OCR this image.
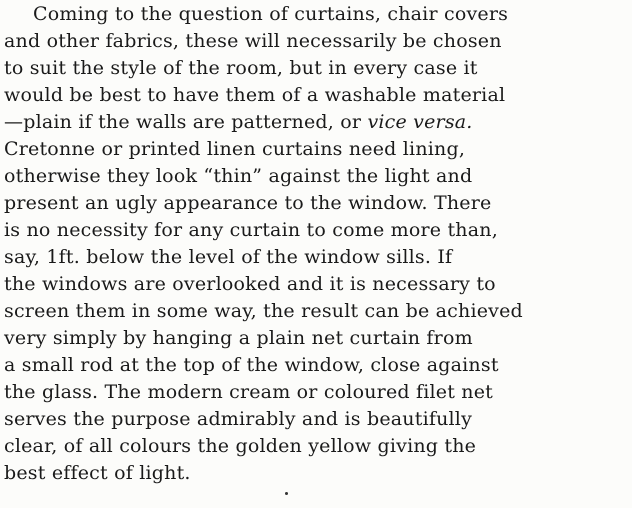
Coming to the question of curtains, chair covers
and other fabrics, these will necessarily be chosen
to suit the style of the room, but in every case it
would be best to have them of a washable material
—plain if the walls are patterned, or vice versa.
Cretonne or printed linen curtains need lining,
otherwise they look “thin” against the light and
present an ugly appearance to the window. There
is no necessity for any curtain to come more than,
say, 1ft. below the level of the window sills. If
the windows are overlooked and it is necessary to
screen them in some way, the result can be achieved
very simply by hanging a plain net curtain from
a small rod at the top of the window, close against
the glass. The modern cream or coloured filet net
serves the purpose admirably and is beautifully
clear, of all colours the golden yellow giving the
best effect of light.
